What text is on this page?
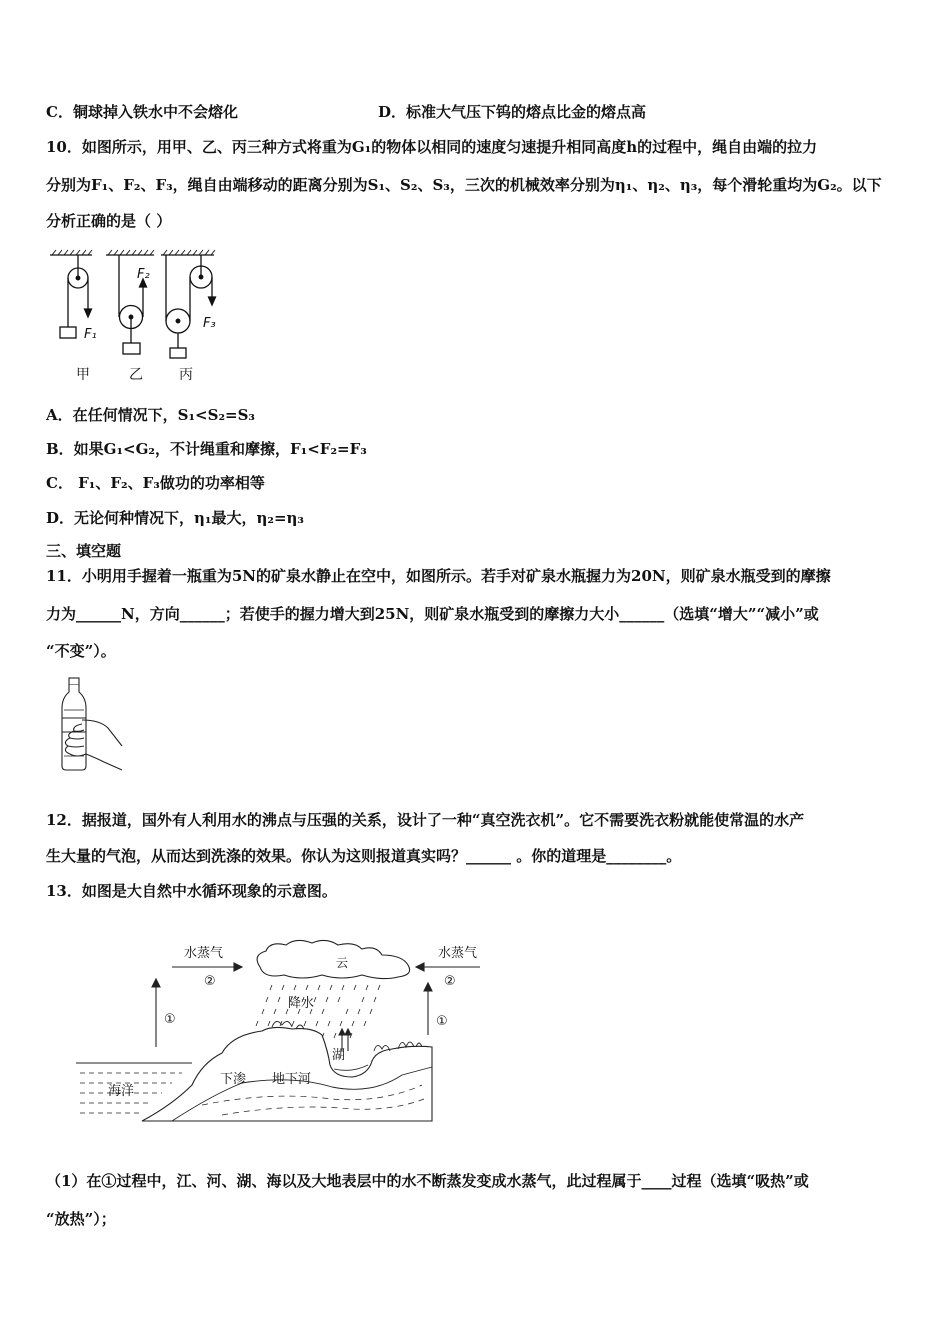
C．铜球掉入铁水中不会熔化	D．标准大气压下钨的熔点比金的熔点高
10．如图所示，用甲、乙、丙三种方式将重为G₁的物体以相同的速度匀速提升相同高度h的过程中，绳自由端的拉力
分别为F₁、F₂、F₃，绳自由端移动的距离分别为S₁、S₂、S₃，三次的机械效率分别为η₁、η₂、η₃，每个滑轮重均为G₂。以下
分析正确的是（ ）
F₁
F₂
F₃
甲	乙	丙
A．在任何情况下，S₁<S₂=S₃
B．如果G₁<G₂，不计绳重和摩擦，F₁<F₂=F₃
C． F₁、F₂、F₃做功的功率相等
D．无论何种情况下，η₁最大，η₂=η₃
三、填空题
11．小明用手握着一瓶重为5N的矿泉水静止在空中，如图所示。若手对矿泉水瓶握力为20N，则矿泉水瓶受到的摩擦
力为______N，方向______；若使手的握力增大到25N，则矿泉水瓶受到的摩擦力大小______（选填“增大”“减小”或
“不变”）。
12．据报道，国外有人利用水的沸点与压强的关系，设计了一种“真空洗衣机”。它不需要洗衣粉就能使常温的水产
生大量的气泡，从而达到洗涤的效果。你认为这则报道真实吗？______ 。你的道理是________。
13．如图是大自然中水循环现象的示意图。
水蒸气
②
水蒸气
②
①	①
云
降水
湖
海洋
下渗 地下河
（1）在①过程中，江、河、湖、海以及大地表层中的水不断蒸发变成水蒸气，此过程属于____过程（选填“吸热”或
“放热”）；
